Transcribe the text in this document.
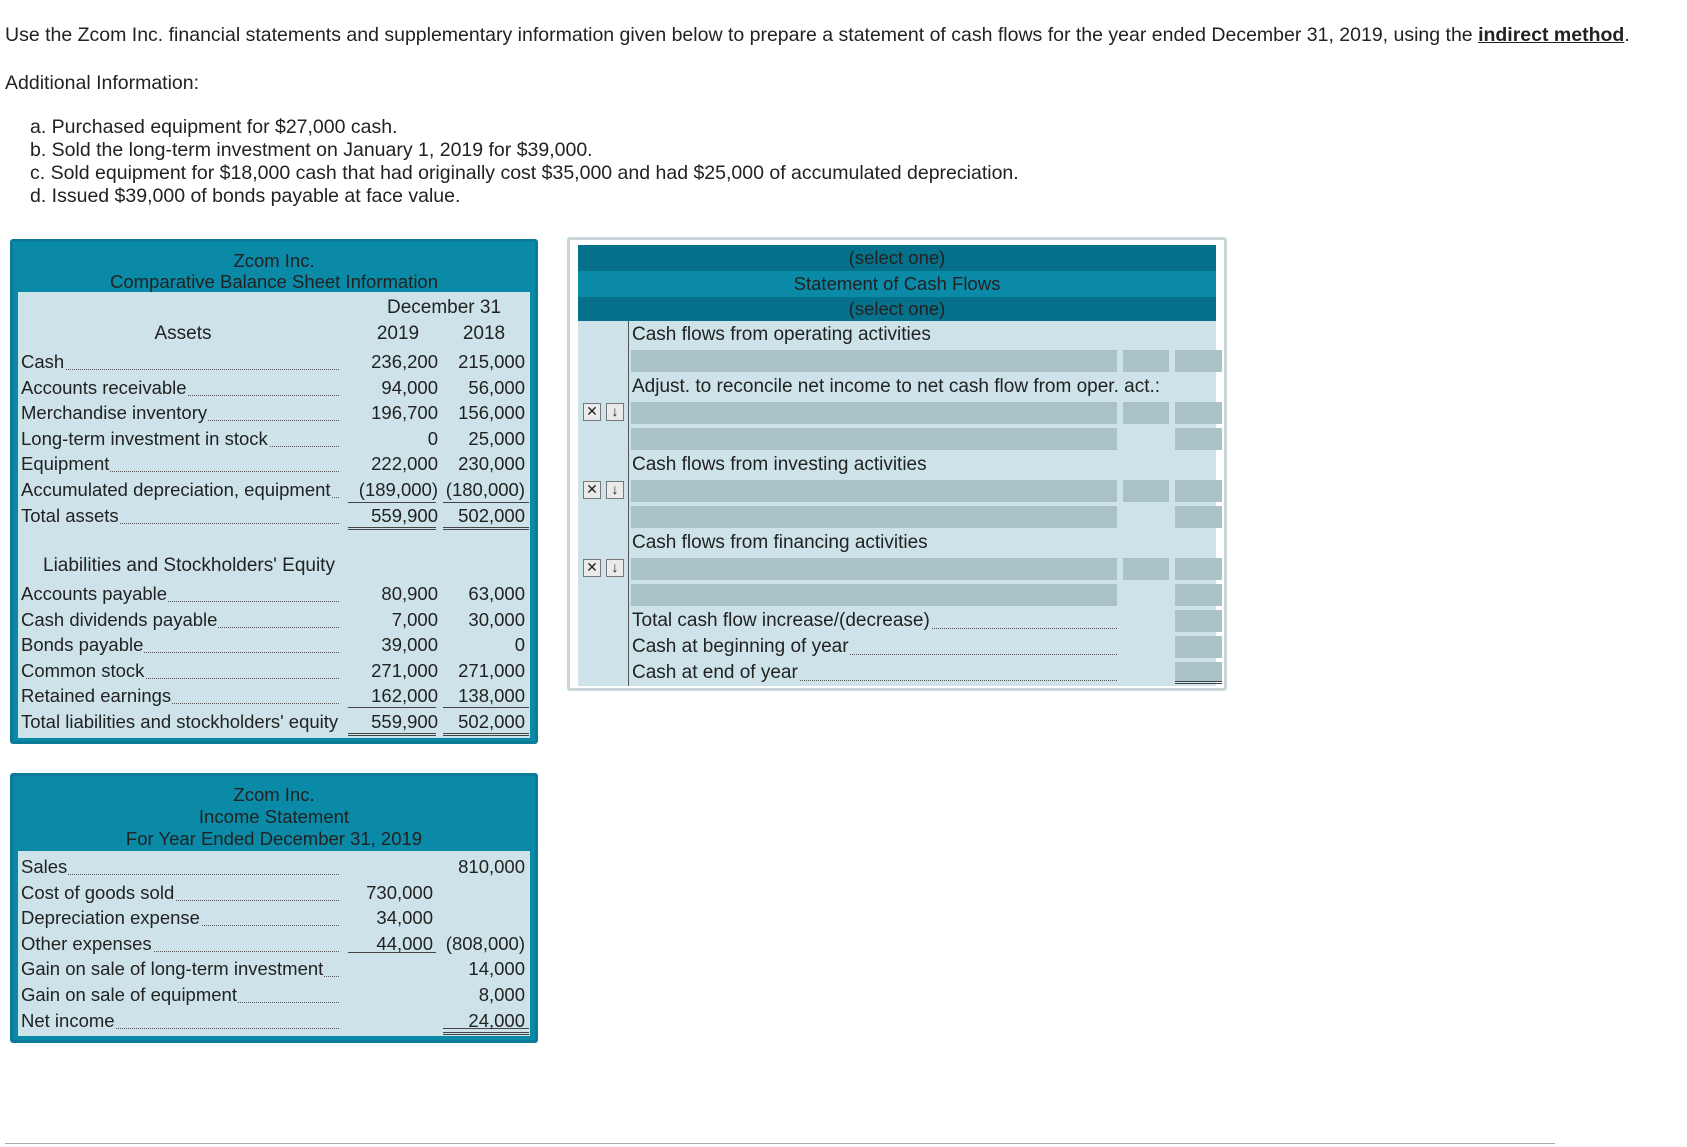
Use the Zcom Inc. financial statements and supplementary information given below to prepare a statement of cash flows for the year ended December 31, 2019, using the indirect method.
Additional Information:
a. Purchased equipment for $27,000 cash.
b. Sold the long-term investment on January 1, 2019 for $39,000.
c. Sold equipment for $18,000 cash that had originally cost $35,000 and had $25,000 of accumulated depreciation.
d. Issued $39,000 of bonds payable at face value.
Zcom Inc.
Comparative Balance Sheet Information
December 31
Assets	2019	2018
Cash	236,200	215,000
Accounts receivable	94,000	56,000
Merchandise inventory	196,700	156,000
Long-term investment in stock	0	25,000
Equipment	222,000	230,000
Accumulated depreciation, equipment	(189,000) (180,000)
Total assets	559,900	502,000
Liabilities and Stockholders' Equity
Accounts payable	80,900	63,000
Cash dividends payable	7,000	30,000
Bonds payable	39,000	0
Common stock	271,000	271,000
Retained earnings	162,000	138,000
Total liabilities and stockholders' equity	559,900	502,000
Zcom Inc.
Income Statement
For Year Ended December 31, 2019
Sales	810,000
Cost of goods sold	730,000
Depreciation expense	34,000
Other expenses	44,000 (808,000)
Gain on sale of long-term investment	14,000
Gain on sale of equipment	8,000
Net income	24,000
(select one)
Statement of Cash Flows
(select one)
Cash flows from operating activities
Adjust. to reconcile net income to net cash flow from oper. act.:
✕ ↓
Cash flows from investing activities
✕ ↓
Cash flows from financing activities
✕ ↓
Total cash flow increase/(decrease)
Cash at beginning of year
Cash at end of year
